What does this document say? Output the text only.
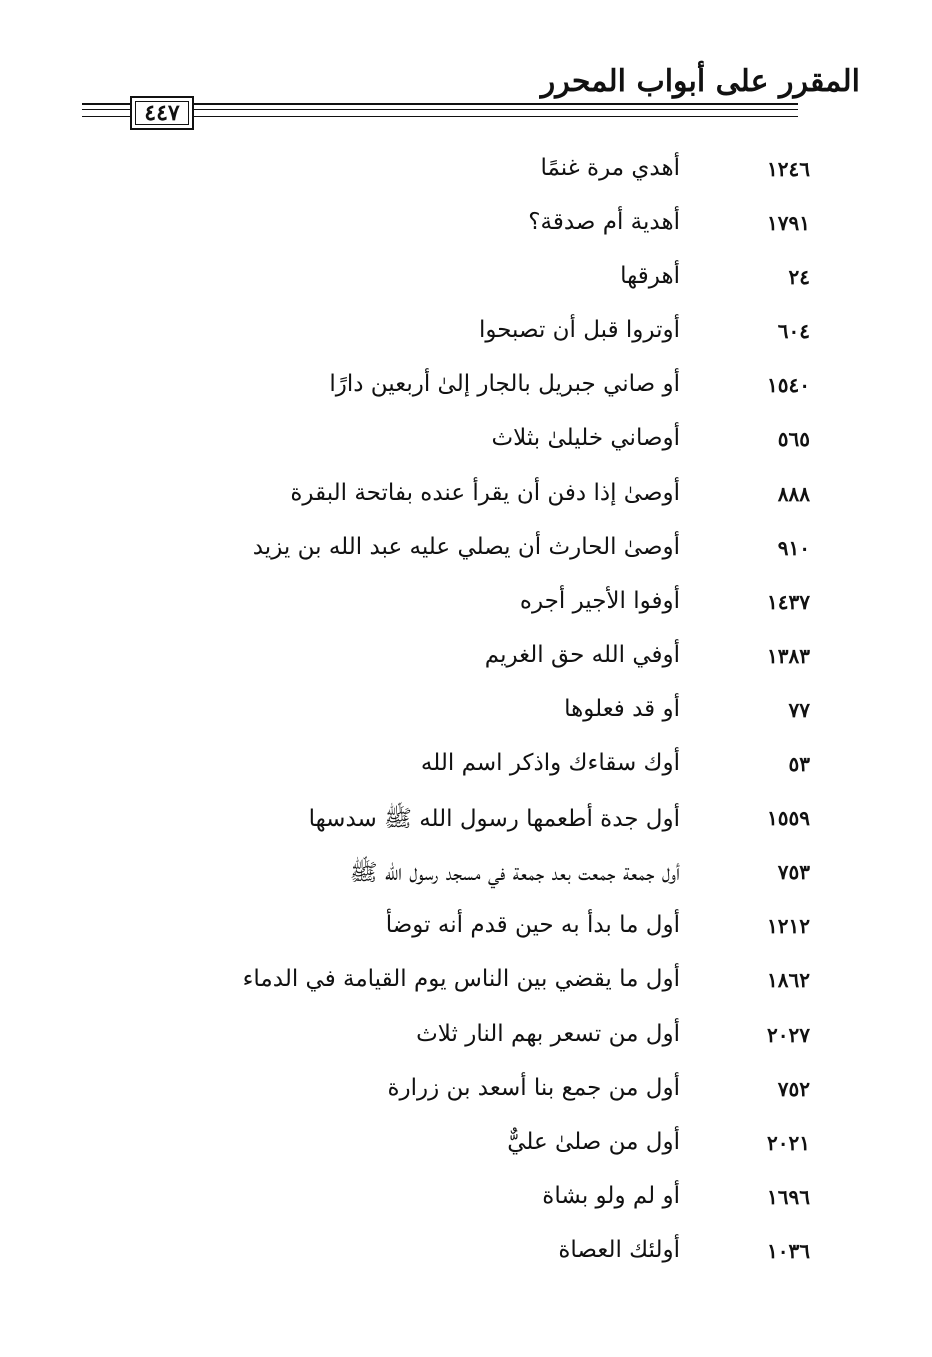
المقرر على أبواب المحرر
٤٤٧
١٢٤٦
أهدي مرة غنمًا
١٧٩١
أهدية أم صدقة؟
٢٤
أهرقها
٦٠٤
أوتروا قبل أن تصبحوا
١٥٤٠
أو صاني جبريل بالجار إلىٰ أربعين دارًا
٥٦٥
أوصاني خليلىٰ بثلاث
٨٨٨
أوصىٰ إذا دفن أن يقرأ عنده بفاتحة البقرة
٩١٠
أوصىٰ الحارث أن يصلي عليه عبد الله بن يزيد
١٤٣٧
أوفوا الأجير أجره
١٣٨٣
أوفي الله حق الغريم
٧٧
أو قد فعلوها
٥٣
أوك سقاءك واذكر اسم الله
١٥٥٩
أول جدة أطعمها رسول الله ﷺ سدسها
٧٥٣
أول جمعة جمعت بعد جمعة في مسجد رسول الله ﷺ
١٢١٢
أول ما بدأ به حين قدم أنه توضأ
١٨٦٢
أول ما يقضي بين الناس يوم القيامة في الدماء
٢٠٢٧
أول من تسعر بهم النار ثلاث
٧٥٢
أول من جمع بنا أسعد بن زرارة
٢٠٢١
أول من صلىٰ عليٌّ
١٦٩٦
أو لم ولو بشاة
١٠٣٦
أولئك العصاة
